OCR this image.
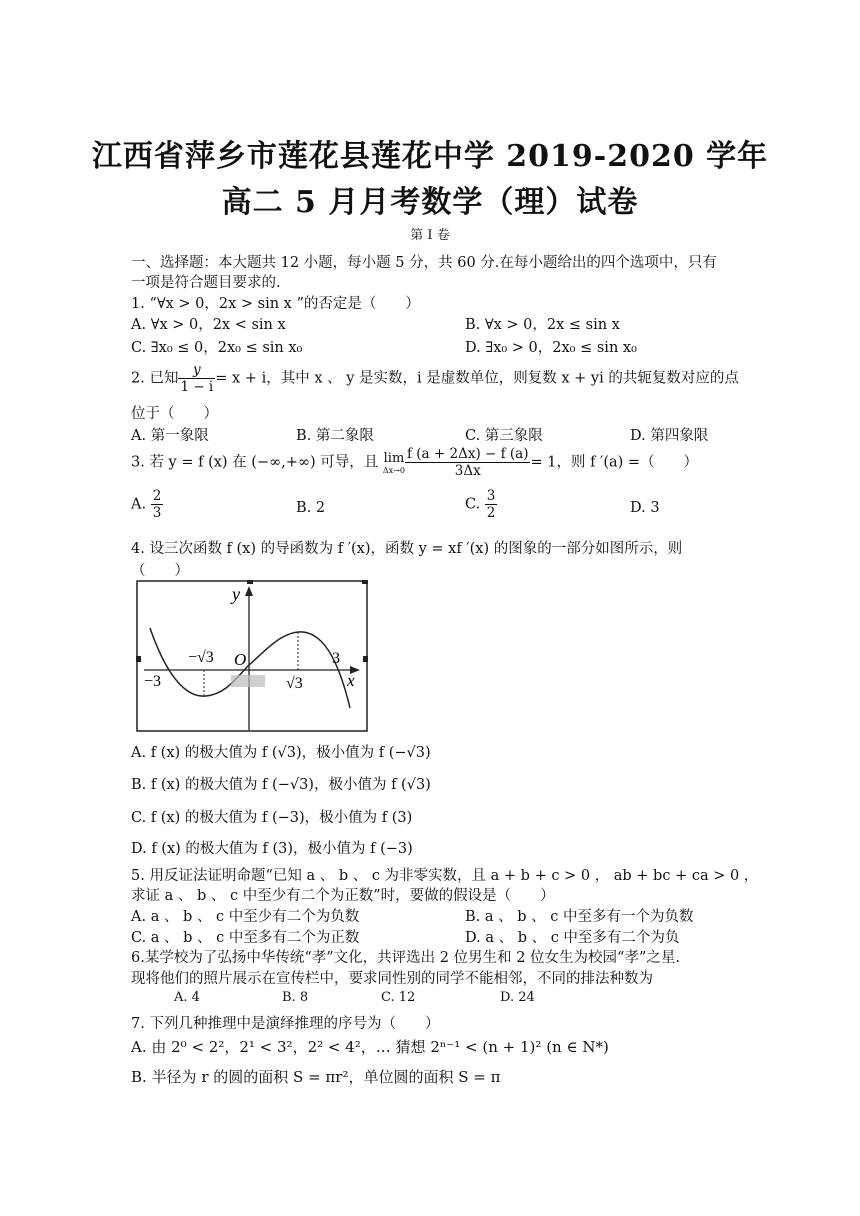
江西省萍乡市莲花县莲花中学 2019-2020 学年
高二 5 月月考数学（理）试卷
第 I 卷
一、选择题：本大题共 12 小题，每小题 5 分，共 60 分.在每小题给出的四个选项中，只有
一项是符合题目要求的.
1. “∀x > 0，2x > sin x ”的否定是（　　）
A. ∀x > 0，2x < sin x	B. ∀x > 0，2x ≤ sin x
C. ∃x₀ ≤ 0，2x₀ ≤ sin x₀	D. ∃x₀ > 0，2x₀ ≤ sin x₀
2. 已知 $\frac{y}{1 - i} = x + i$，其中 x 、 y 是实数，i 是虚数单位，则复数 x + yi 的共轭复数对应的点
位于（　　）
A. 第一象限	B. 第二象限	C. 第三象限	D. 第四象限
3. 若 y = f (x) 在 (−∞,+∞) 可导，且 lim
$\Delta x\to 0 \frac{f (a + 2\Delta x) - f (a)}{3\Delta x} = 1$，则 f ′(a) =（　　）
A. $\frac{2}{3}$	B. 2	C. $\frac{3}{2}$	D. 3
4. 设三次函数 f (x) 的导函数为 f ′(x)，函数 y = xf ′(x) 的图象的一部分如图所示，则
（　　）
y
x
O
−√3
√3
−3
3
A. f (x) 的极大值为 f (√3)，极小值为 f (−√3)
B. f (x) 的极大值为 f (−√3)，极小值为 f (√3)
C. f (x) 的极大值为 f (−3)，极小值为 f (3)
D. f (x) 的极大值为 f (3)，极小值为 f (−3)
5. 用反证法证明命题“已知 a 、 b 、 c 为非零实数，且 a + b + c > 0 ， ab + bc + ca > 0 ，
求证 a 、 b 、 c 中至少有二个为正数”时，要做的假设是（　　）
A. a 、 b 、 c 中至少有二个为负数	B. a 、 b 、 c 中至多有一个为负数
C. a 、 b 、 c 中至多有二个为正数	D. a 、 b 、 c 中至多有二个为负
6.某学校为了弘扬中华传统“孝”文化，共评选出 2 位男生和 2 位女生为校园“孝”之星.
现将他们的照片展示在宣传栏中，要求同性别的同学不能相邻，不同的排法种数为
A. 4	B. 8	C. 12	D. 24
7. 下列几种推理中是演绎推理的序号为（　　）
A. 由 2⁰ < 2²，2¹ < 3²，2² < 4²，… 猜想 2ⁿ⁻¹ < (n + 1)² (n ∈ N*)
B. 半径为 r 的圆的面积 S = πr²，单位圆的面积 S = π
